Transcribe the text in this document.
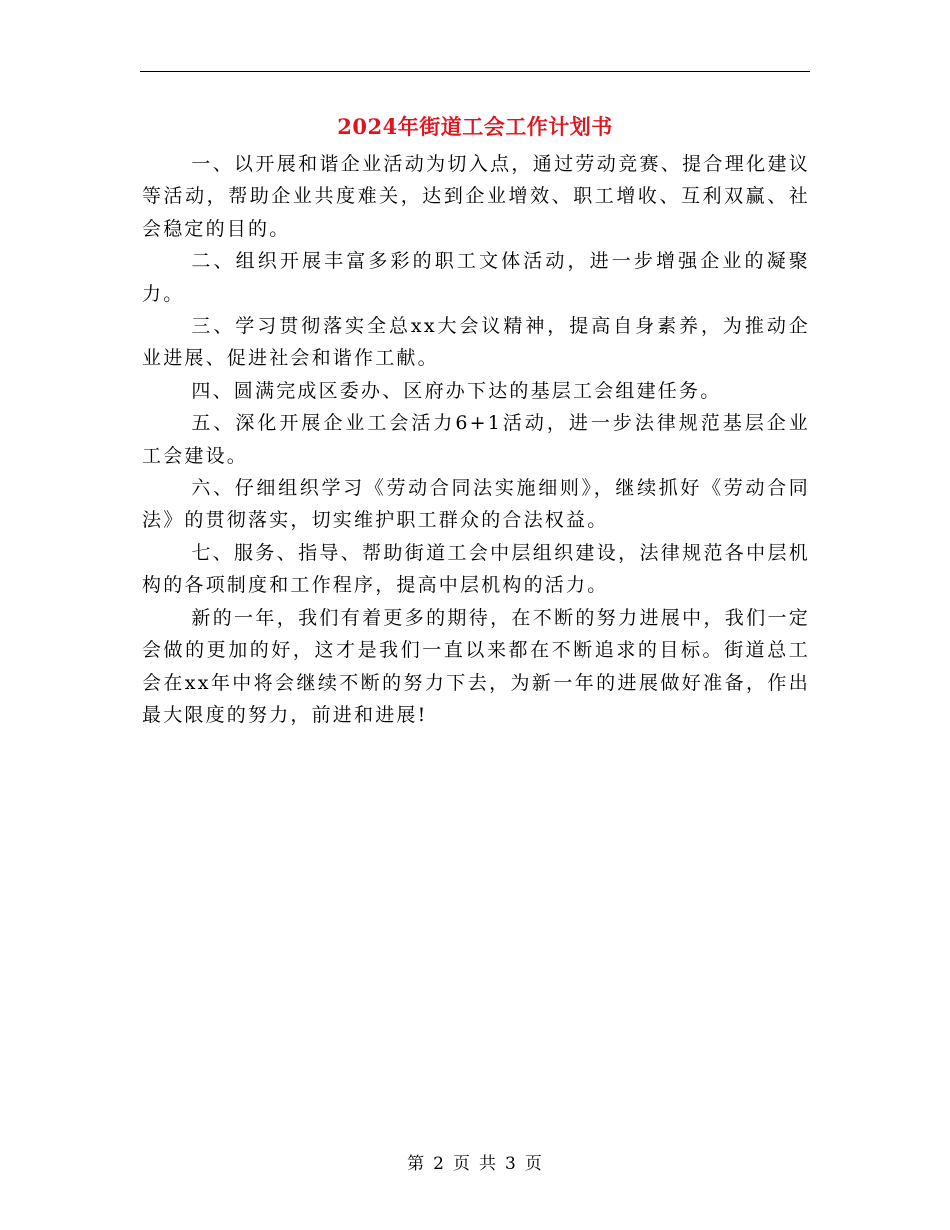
2024年街道工会工作计划书

一、以开展和谐企业活动为切入点，通过劳动竞赛、提合理化建议等活动，帮助企业共度难关，达到企业增效、职工增收、互利双赢、社会稳定的目的。

二、组织开展丰富多彩的职工文体活动，进一步增强企业的凝聚力。

三、学习贯彻落实全总xx大会议精神，提高自身素养，为推动企业进展、促进社会和谐作工献。

四、圆满完成区委办、区府办下达的基层工会组建任务。

五、深化开展企业工会活力6+1活动，进一步法律规范基层企业工会建设。

六、仔细组织学习《劳动合同法实施细则》，继续抓好《劳动合同法》的贯彻落实，切实维护职工群众的合法权益。

七、服务、指导、帮助街道工会中层组织建设，法律规范各中层机构的各项制度和工作程序，提高中层机构的活力。

新的一年，我们有着更多的期待，在不断的努力进展中，我们一定会做的更加的好，这才是我们一直以来都在不断追求的目标。街道总工会在xx年中将会继续不断的努力下去，为新一年的进展做好准备，作出最大限度的努力，前进和进展!

第 2 页 共 3 页
